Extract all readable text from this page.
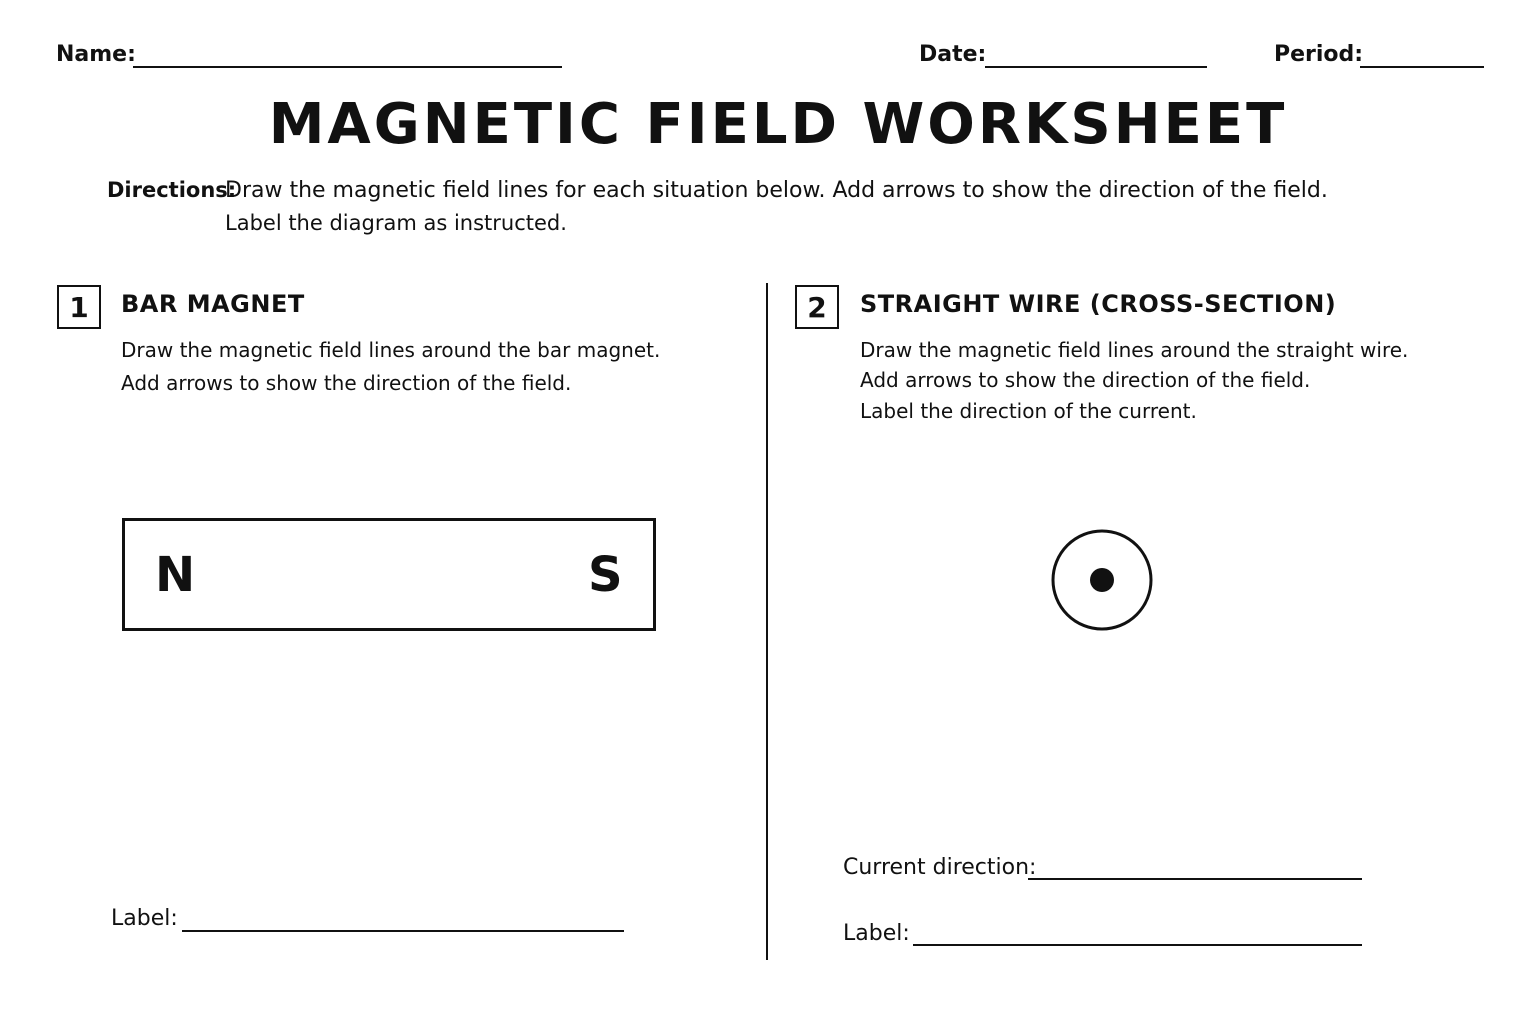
Name:	Date:	Period:
MAGNETIC FIELD WORKSHEET
Directions:
Draw the magnetic field lines for each situation below. Add arrows to show the direction of the field.
Label the diagram as instructed.
1	BAR MAGNET
Draw the magnetic field lines around the bar magnet.
Add arrows to show the direction of the field.
N	S
Label:
2	STRAIGHT WIRE (CROSS-SECTION)
Draw the magnetic field lines around the straight wire.
Add arrows to show the direction of the field.
Label the direction of the current.
Current direction:
Label:
